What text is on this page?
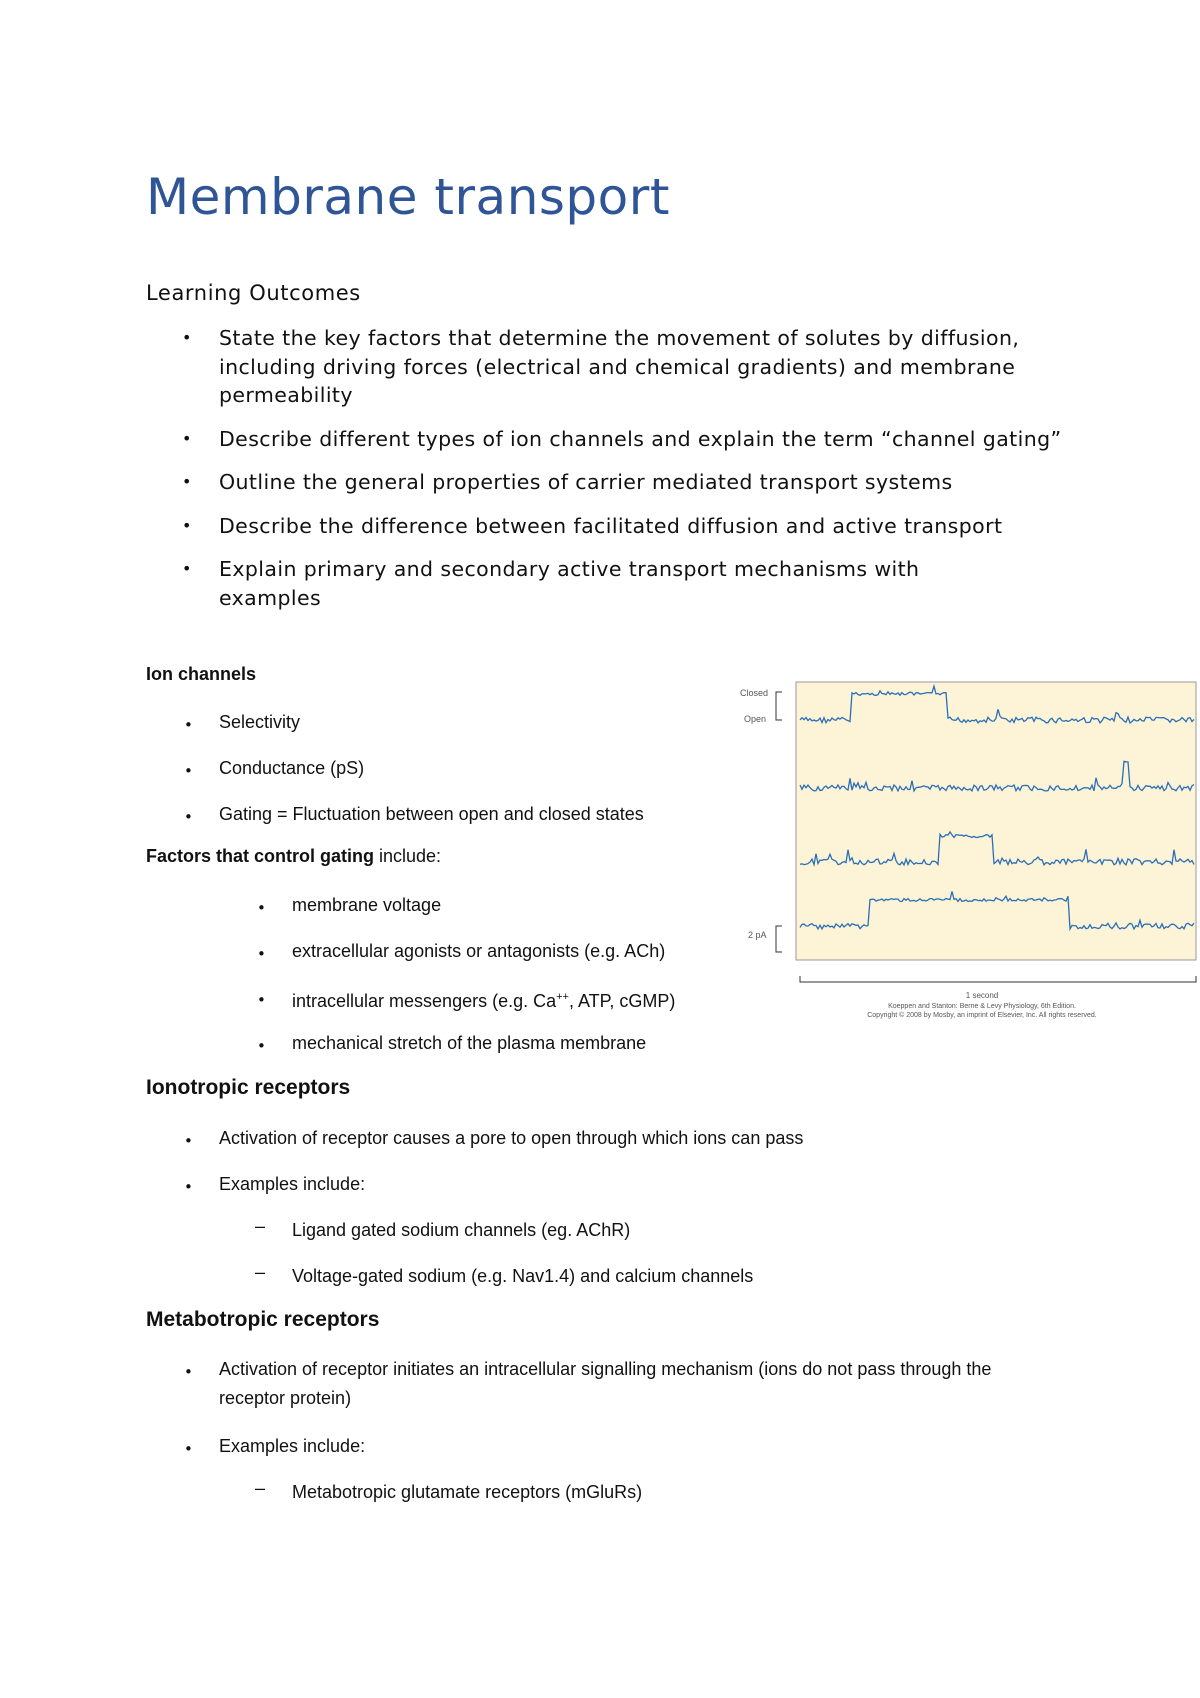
Membrane transport
Learning Outcomes
• State the key factors that determine the movement of solutes by diffusion, including driving forces (electrical and chemical gradients) and membrane permeability
• Describe different types of ion channels and explain the term “channel gating”
• Outline the general properties of carrier mediated transport systems
• Describe the difference between facilitated diffusion and active transport
• Explain primary and secondary active transport mechanisms with examples

Ion channels

• Selectivity
• Conductance (pS)
• Gating = Fluctuation between open and closed states

Factors that control gating include:

• membrane voltage
• extracellular agonists or antagonists (e.g. ACh)
• intracellular messengers (e.g. Ca++, ATP, cGMP)
• mechanical stretch of the plasma membrane
Closed
Open
2 pA
1 second
Koeppen and Stanton: Berne & Levy Physiology, 6th Edition.
Copyright © 2008 by Mosby, an imprint of Elsevier, Inc. All rights reserved.

Ionotropic receptors

• Activation of receptor causes a pore to open through which ions can pass
• Examples include:
– Ligand gated sodium channels (eg. AChR)
– Voltage-gated sodium (e.g. Nav1.4) and calcium channels

Metabotropic receptors

• Activation of receptor initiates an intracellular signalling mechanism (ions do not pass through the receptor protein)
• Examples include:
– Metabotropic glutamate receptors (mGluRs)
